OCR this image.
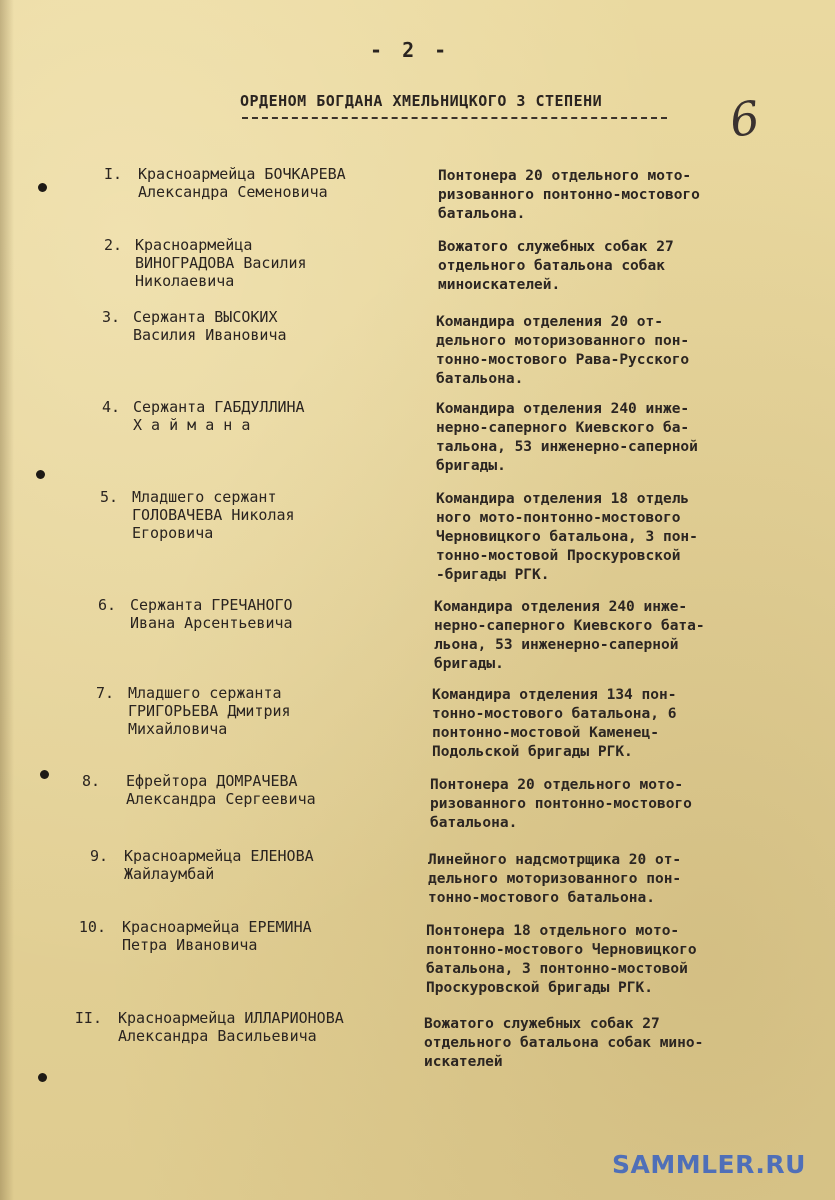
- 2 -
ОРДЕНОМ БОГДАНА ХМЕЛЬНИЦКОГО 3 СТЕПЕНИ	6
I. Красноармейца БОЧКАРЕВА
Александра Семеновича
Понтонера 20 отдельного мото-
ризованного понтонно-мостового
батальона.
2. Красноармейца
ВИНОГРАДОВА Василия
Николаевича
Вожатого служебных собак 27
отдельного батальона собак
миноискателей.
3. Сержанта ВЫСОКИХ
Василия Ивановича
Командира отделения 20 от-
дельного моторизованного пон-
тонно-мостового Рава-Русского
батальона.
4. Сержанта ГАБДУЛЛИНА
Х а й м а н а
Командира отделения 240 инже-
нерно-саперного Киевского ба-
тальона, 53 инженерно-саперной
бригады.
5. Младшего сержант
ГОЛОВАЧЕВА Николая
Егоровича
Командира отделения 18 отдель
ного мото-понтонно-мостового
Черновицкого батальона, 3 пон-
тонно-мостовой Проскуровской
-бригады РГК.
6. Сержанта ГРЕЧАНОГО
Ивана Арсентьевича
Командира отделения 240 инже-
нерно-саперного Киевского бата-
льона, 53 инженерно-саперной
бригады.
7. Младшего сержанта
ГРИГОРЬЕВА Дмитрия
Михайловича
Командира отделения 134 пон-
тонно-мостового батальона, 6
понтонно-мостовой Каменец-
Подольской бригады РГК.
8. Ефрейтора ДОМРАЧЕВА
Александра Сергеевича
Понтонера 20 отдельного мото-
ризованного понтонно-мостового
батальона.
9. Красноармейца ЕЛЕНОВА
Жайлаумбай
Линейного надсмотрщика 20 от-
дельного моторизованного пон-
тонно-мостового батальона.
10. Красноармейца ЕРЕМИНА
Петра Ивановича
Понтонера 18 отдельного мото-
понтонно-мостового Черновицкого
батальона, 3 понтонно-мостовой
Проскуровской бригады РГК.
II. Красноармейца ИЛЛАРИОНОВА
Александра Васильевича
Вожатого служебных собак 27
отдельного батальона собак мино-
искателей
SAMMLER.RU
